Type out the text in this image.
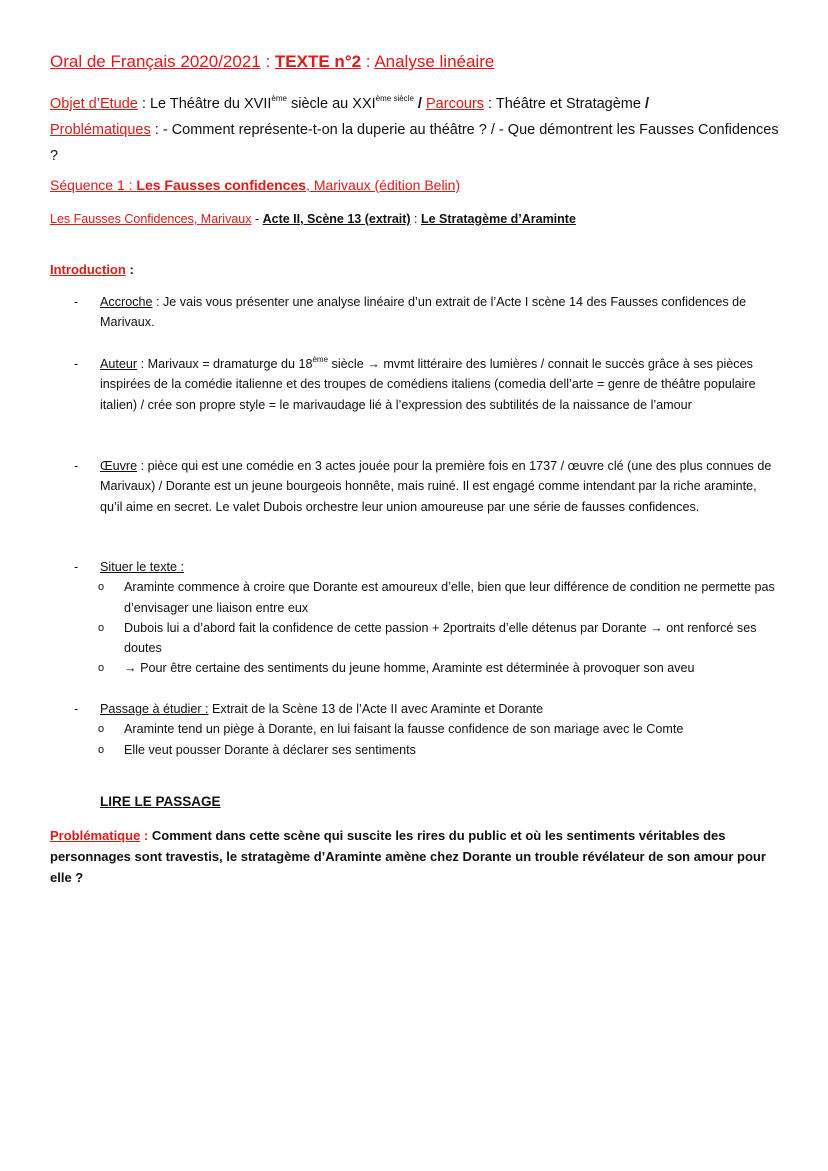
Oral de Français 2020/2021 : TEXTE n°2 : Analyse linéaire
Objet d’Etude : Le Théâtre du XVIIème siècle au $XXI^{ème siècle}$ / Parcours : Théâtre et Stratagème /
Problématiques : - Comment représente-t-on la duperie au théâtre ? / - Que démontrent les Fausses Confidences ?
Séquence 1 : Les Fausses confidences, Marivaux (édition Belin)
Les Fausses Confidences, Marivaux - Acte II, Scène 13 (extrait) : Le Stratagème d’Araminte
Introduction :
- Accroche : Je vais vous présenter une analyse linéaire d’un extrait de l’Acte I scène 14 des Fausses confidences de Marivaux.
- Auteur : Marivaux = dramaturge du 18ème siècle → mvmt littéraire des lumières / connait le succès grâce à ses pièces inspirées de la comédie italienne et des troupes de comédiens italiens (comedia dell’arte = genre de théâtre populaire italien) / crée son propre style = le marivaudage lié à l’expression des subtilités de la naissance de l’amour
- Œuvre : pièce qui est une comédie en 3 actes jouée pour la première fois en 1737 / œuvre clé (une des plus connues de Marivaux) / Dorante est un jeune bourgeois honnête, mais ruiné. Il est engagé comme intendant par la riche araminte, qu’il aime en secret. Le valet Dubois orchestre leur union amoureuse par une série de fausses confidences.
- Situer le texte :
o Araminte commence à croire que Dorante est amoureux d’elle, bien que leur différence de condition ne permette pas d’envisager une liaison entre eux
o Dubois lui a d’abord fait la confidence de cette passion + 2portraits d’elle détenus par Dorante → ont renforcé ses doutes
o → Pour être certaine des sentiments du jeune homme, Araminte est déterminée à provoquer son aveu
- Passage à étudier : Extrait de la Scène 13 de l’Acte II avec Araminte et Dorante
o Araminte tend un piège à Dorante, en lui faisant la fausse confidence de son mariage avec le Comte
o Elle veut pousser Dorante à déclarer ses sentiments
LIRE LE PASSAGE
Problématique : Comment dans cette scène qui suscite les rires du public et où les sentiments véritables des personnages sont travestis, le stratagème d’Araminte amène chez Dorante un trouble révélateur de son amour pour elle ?
